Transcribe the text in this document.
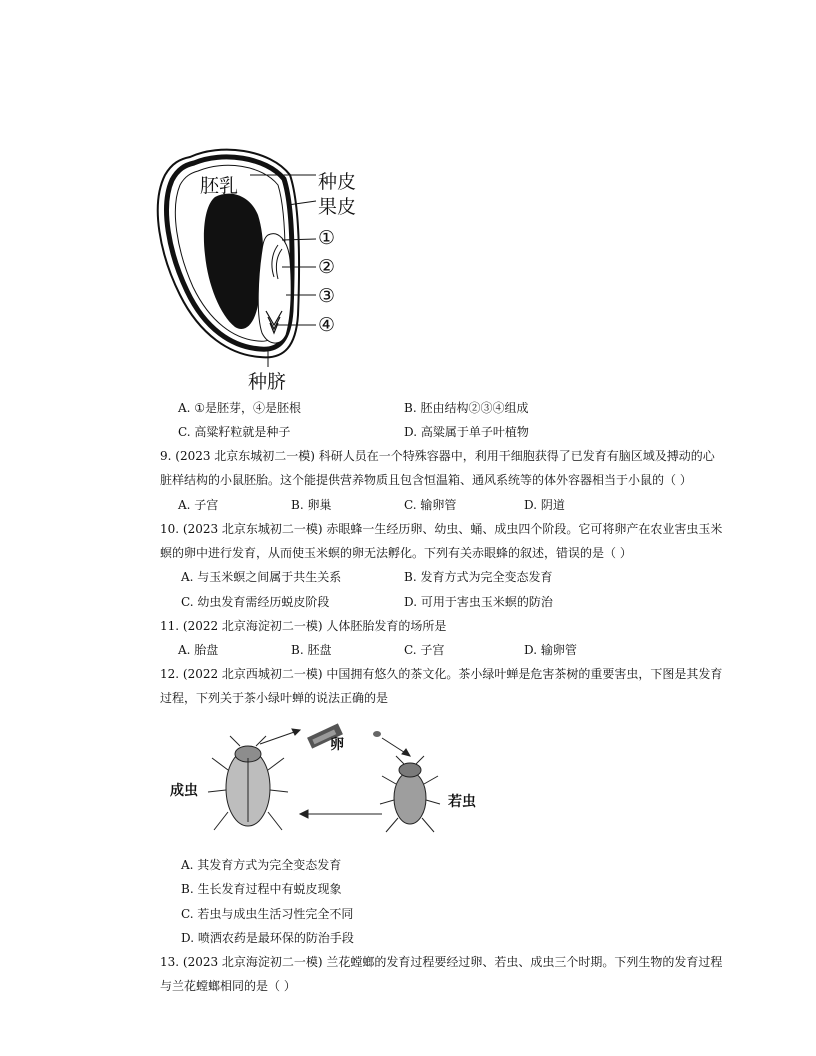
胚乳	种皮
果皮
①
②
③
④
种脐
A. ①是胚芽，④是胚根	B. 胚由结构②③④组成
C. 高粱籽粒就是种子	D. 高粱属于单子叶植物
9. (2023 北京东城初二一模) 科研人员在一个特殊容器中，利用干细胞获得了已发育有脑区域及搏动的心
脏样结构的小鼠胚胎。这个能提供营养物质且包含恒温箱、通风系统等的体外容器相当于小鼠的（ ）
A. 子宫	B. 卵巢	C. 输卵管	D. 阴道
10. (2023 北京东城初二一模) 赤眼蜂一生经历卵、幼虫、蛹、成虫四个阶段。它可将卵产在农业害虫玉米
螟的卵中进行发育，从而使玉米螟的卵无法孵化。下列有关赤眼蜂的叙述，错误的是（ ）
A. 与玉米螟之间属于共生关系	B. 发育方式为完全变态发育
C. 幼虫发育需经历蜕皮阶段	D. 可用于害虫玉米螟的防治
11. (2022 北京海淀初二一模) 人体胚胎发育的场所是
A. 胎盘	B. 胚盘	C. 子宫	D. 输卵管
12. (2022 北京西城初二一模) 中国拥有悠久的茶文化。茶小绿叶蝉是危害茶树的重要害虫，下图是其发育
过程，下列关于茶小绿叶蝉的说法正确的是
成虫
卵
若虫
A. 其发育方式为完全变态发育
B. 生长发育过程中有蜕皮现象
C. 若虫与成虫生活习性完全不同
D. 喷洒农药是最环保的防治手段
13. (2023 北京海淀初二一模) 兰花螳螂的发育过程要经过卵、若虫、成虫三个时期。下列生物的发育过程
与兰花螳螂相同的是（ ）
